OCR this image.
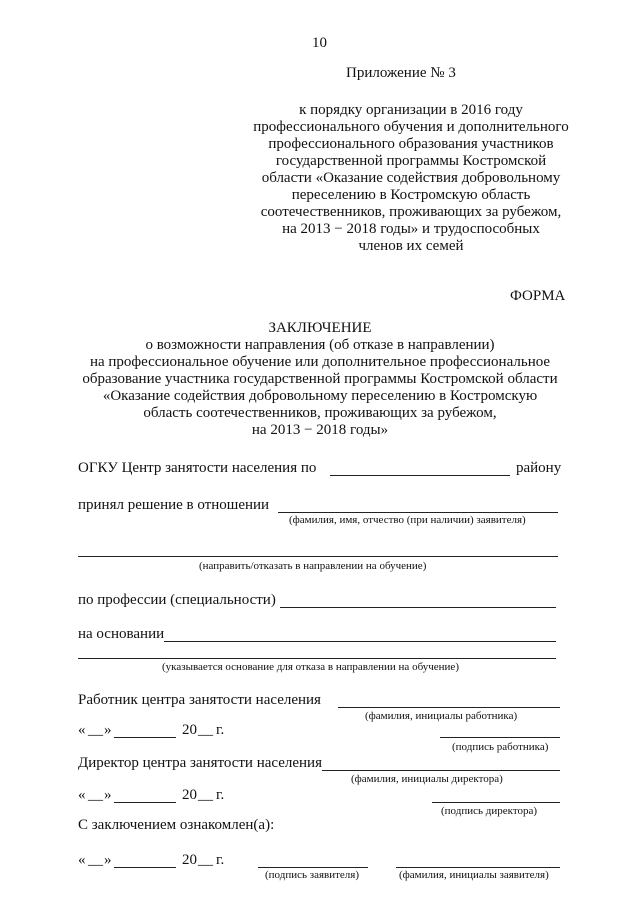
10
Приложение № 3
к порядку организации в 2016 году
профессионального обучения и дополнительного
профессионального образования участников
государственной программы Костромской
области «Оказание содействия добровольному
переселению в Костромскую область
соотечественников, проживающих за рубежом,
на 2013 − 2018 годы» и трудоспособных
членов их семей
ФОРМА
ЗАКЛЮЧЕНИЕ
о возможности направления (об отказе в направлении)
на профессиональное обучение или дополнительное профессиональное
образование участника государственной программы Костромской области
«Оказание содействия добровольному переселению в Костромскую
область соотечественников, проживающих за рубежом,
на 2013 − 2018 годы»
ОГКУ Центр занятости населения по	району
принял решение в отношении
(фамилия, имя, отчество (при наличии) заявителя)
(направить/отказать в направлении на обучение)
по профессии (специальности)
на основании
(указывается основание для отказа в направлении на обучение)
Работник центра занятости населения
(фамилия, инициалы работника)
« __ »	20 __ г.
(подпись работника)
Директор центра занятости населения
(фамилия, инициалы директора)
« __ »	20 __ г.
(подпись директора)
С заключением ознакомлен(а):
« __ »	20 __ г.
(подпись заявителя)	(фамилия, инициалы заявителя)
